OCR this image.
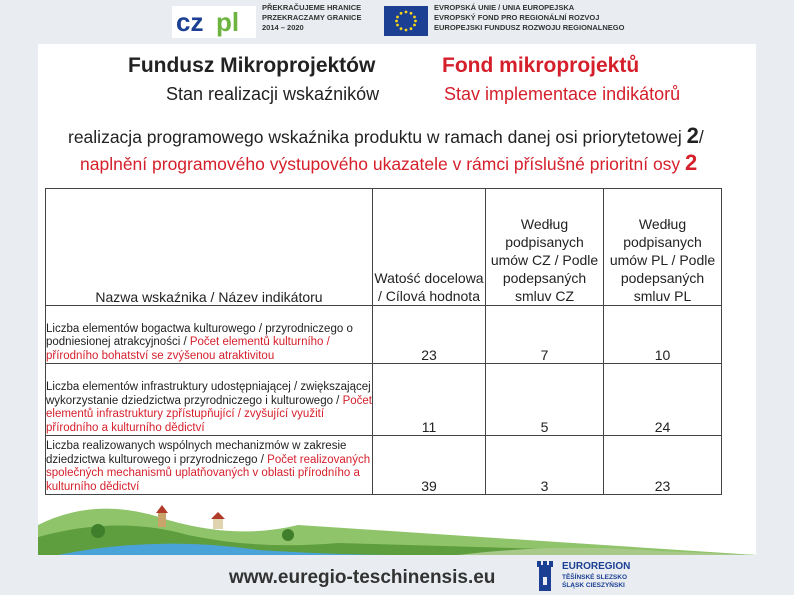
cz pl	PŘEKRAČUJEME HRANICE
PRZEKRACZAMY GRANICE
2014 – 2020
EVROPSKÁ UNIE / UNIA EUROPEJSKA
EVROPSKÝ FOND PRO REGIONÁLNÍ ROZVOJ
EUROPEJSKI FUNDUSZ ROZWOJU REGIONALNEGO
Fundusz Mikroprojektów	Fond mikroprojektů
Stan realizacji wskaźników	Stav implementace indikátorů
realizacja programowego wskaźnika produktu w ramach danej osi priorytetowej 2/
naplnění programového výstupového ukazatele v rámci příslušné prioritní osy 2
Nazwa wskaźnika / Název indikátoru	Watość docelowa / Cílová hodnota	Według podpisanych umów CZ / Podle podepsaných smluv CZ	Według podpisanych umów PL / Podle podepsaných smluv PL
Liczba elementów bogactwa kulturowego / przyrodniczego o podniesionej atrakcyjności / Počet elementů kulturního / přírodního bohatství se zvýšenou atraktivitou	23	7	10
Liczba elementów infrastruktury udostępniającej / zwiększającej wykorzystanie dziedzictwa przyrodniczego i kulturowego / Počet elementů infrastruktury zpřístupňující / zvyšující využití přírodního a kulturního dědictví	11	5	24
Liczba realizowanych wspólnych mechanizmów w zakresie dziedzictwa kulturowego i przyrodniczego / Počet realizovaných společných mechanismů uplatňovaných v oblasti přírodního a kulturního dědictví	39	3	23
www.euregio-teschinensis.eu
EUROREGION
TĚŠÍNSKÉ SLEZSKO
ŚLĄSK CIESZYŃSKI
